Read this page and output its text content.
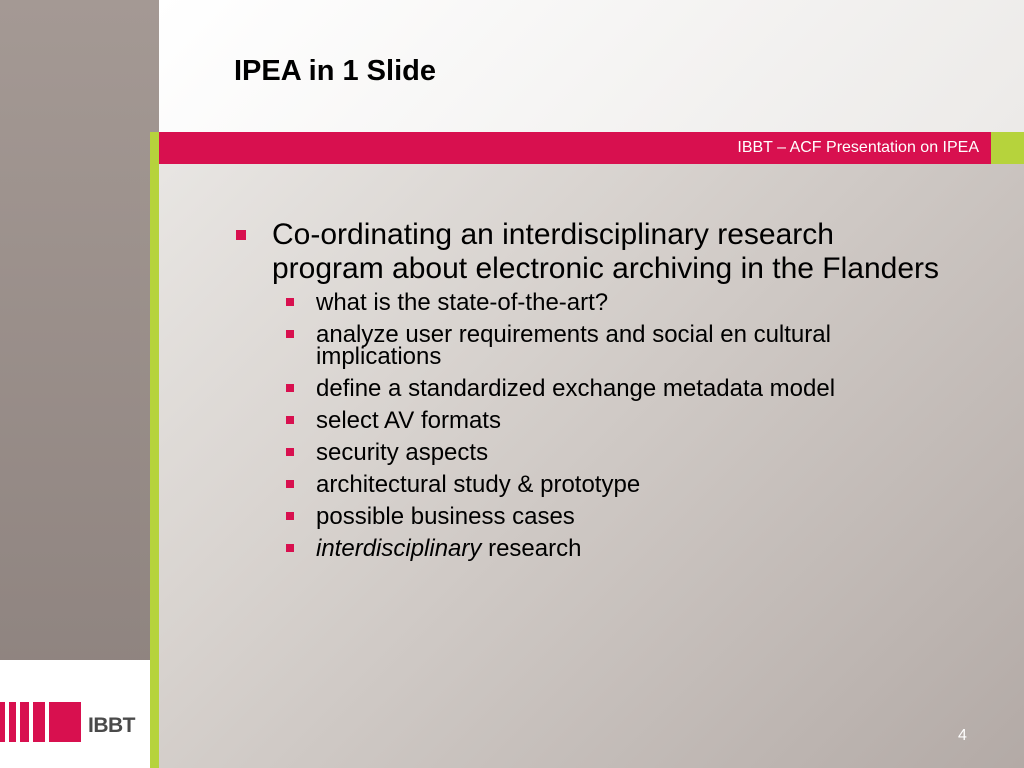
IPEA in 1 Slide
IBBT – ACF Presentation on IPEA
Co-ordinating an interdisciplinary research program about electronic archiving in the Flanders
what is the state-of-the-art?
analyze user requirements and social en cultural implications
define a standardized exchange metadata model
select AV formats
security aspects
architectural study & prototype
possible business cases
interdisciplinary research
IBBT	4
